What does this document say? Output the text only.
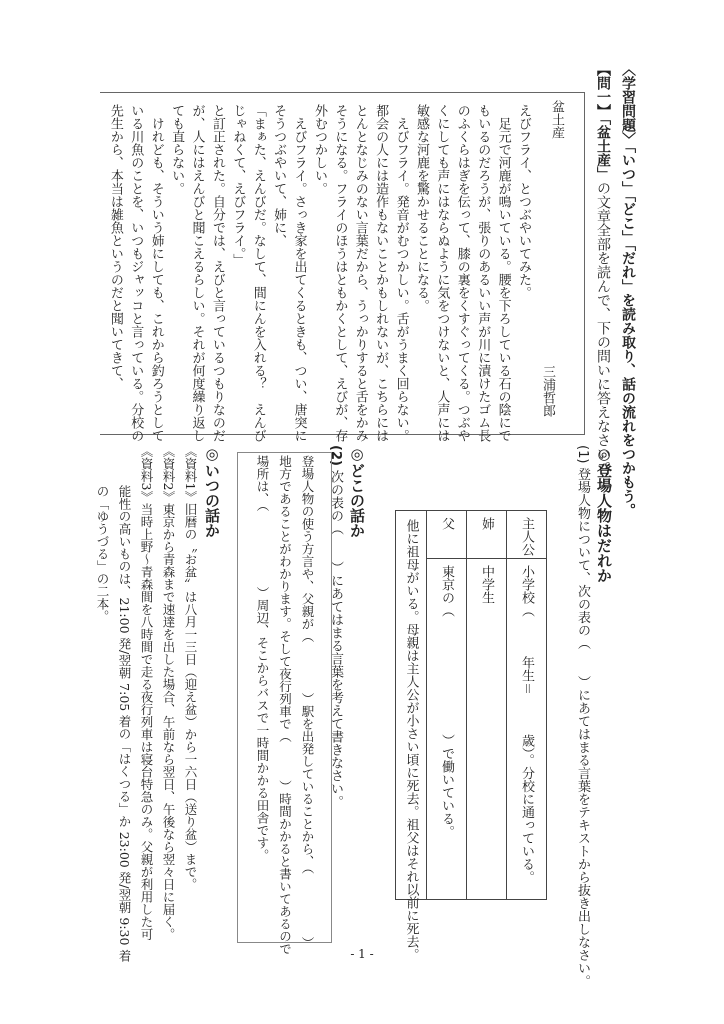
〈学習問題〉「いつ」「どこ」「だれ」を読み取り、話の流れをつかもう。
【問一】「盆土産」の文章全部を読んで、下の問いに答えなさい。
盆土産
三浦哲郎
えびフライ、とつぶやいてみた。
　足元で河鹿が鳴いている。腰を下ろしている石の陰にで
もいるのだろうが、張りのあるいい声が川に漬けたゴム長
のふくらはぎを伝って、膝の裏をくすぐってくる。つぶや
くにしても声にはならぬように気をつけないと、人声には
敏感な河鹿を驚かせることになる。
　えびフライ。発音がむつかしい。舌がうまく回らない。
都会の人には造作もないことかもしれないが、こちらには
とんとなじみのない言葉だから、うっかりすると舌をかみ
そうになる。フライのほうはともかくとして、えびが、存
外むつかしい。
　えびフライ。さっき家を出てくるときも、つい、唐突に
そうつぶやいて、姉に、
「まぁた、えんびだ。なして、間にんを入れる？　えんび
じゃねくて、えびフライ。」
と訂正された。自分では、えびと言っているつもりなのだ
が、人にはえんびと聞こえるらしい。それが何度繰り返し
ても直らない。
　けれども、そういう姉にしても、これから釣ろうとして
いる川魚のことを、いつもジャッコと言っている。分校の
先生から、本当は雑魚というのだと聞いてきて、
◎登場人物はだれか
(1) 登場人物について、次の表の（　　）にあてはまる言葉をテキストから抜き出しなさい。
主人公
小学校（　　　年生＝　　　歳）。分校に通っている。
姉
中学生
父
東京の（　　　　　　　　　）で働いている。
他に祖母がいる。母親は主人公が小さい頃に死去。祖父はそれ以前に死去。
◎どこの話か
(2) 次の表の（　　）にあてはまる言葉を考えて書きなさい。
登場人物の使う方言や、父親が（　　　　）駅を出発していることから、（　　　　　）
地方であることがわかります。そして夜行列車で（　　　）時間かかると書いてあるので
場所は、（　　　　　　）周辺、そこからバスで一時間かかる田舎です。
◎いつの話か
《資料1》旧暦の〝お盆〟は八月一三日（迎え盆）から一六日（送り盆）まで。
《資料2》東京から青森まで速達を出した場合、午前なら翌日、午後なら翌々日に届く。
《資料3》当時上野〜青森間を八時間で走る夜行列車は寝台特急のみ。父親が利用した可
能性の高いものは、21:00 発/翌朝 7:05 着の「はくつる」か 23:00 発/翌朝 9:30 着
の「ゆうづる」の二本。
- 1 -
